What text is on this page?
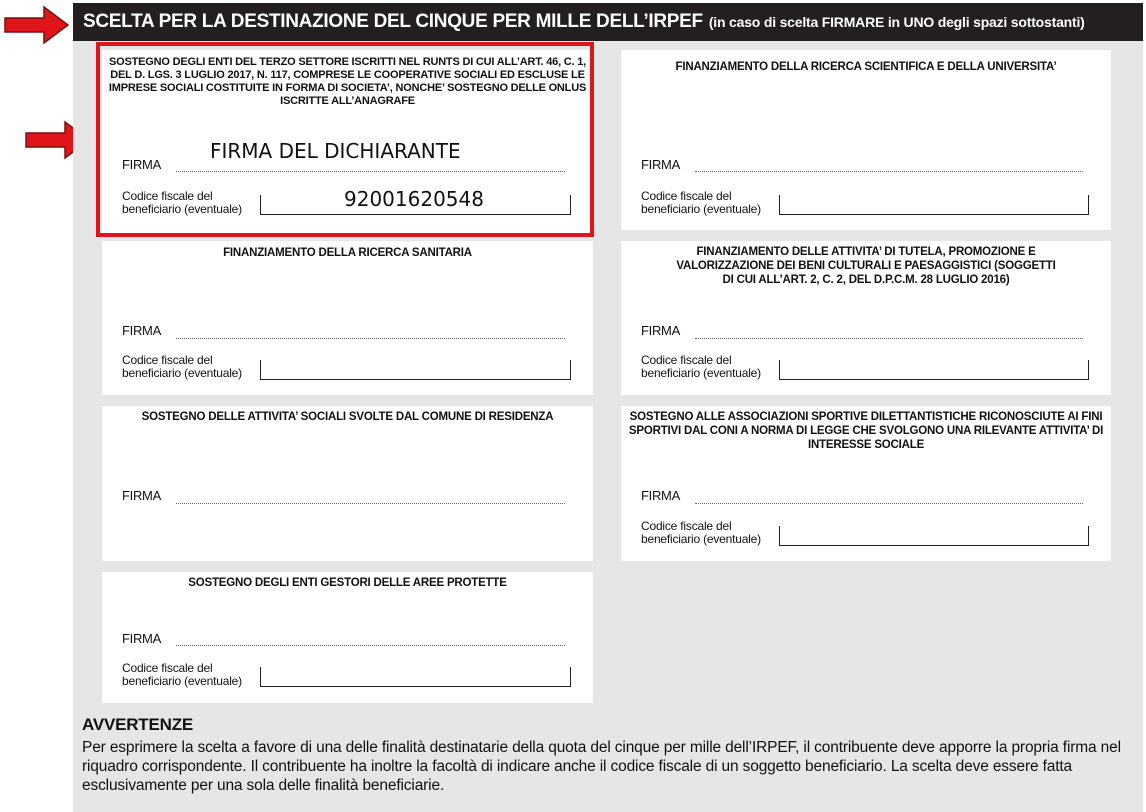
SCELTA PER LA DESTINAZIONE DEL CINQUE PER MILLE DELL’IRPEF (in caso di scelta FIRMARE in UNO degli spazi sottostanti)
SOSTEGNO DEGLI ENTI DEL TERZO SETTORE ISCRITTI NEL RUNTS DI CUI ALL’ART. 46, C. 1, DEL D. LGS. 3 LUGLIO 2017, N. 117, COMPRESE LE COOPERATIVE SOCIALI ED ESCLUSE LE IMPRESE SOCIALI COSTITUITE IN FORMA DI SOCIETA’, NONCHE’ SOSTEGNO DELLE ONLUS ISCRITTE ALL’ANAGRAFE
FIRMA
FIRMA DEL DICHIARANTE
Codice fiscale del
beneficiario (eventuale)	92001620548
FINANZIAMENTO DELLA RICERCA SCIENTIFICA E DELLA UNIVERSITA’
FIRMA
Codice fiscale del
beneficiario (eventuale)
FINANZIAMENTO DELLA RICERCA SANITARIA
FIRMA
Codice fiscale del
beneficiario (eventuale)
FINANZIAMENTO DELLE ATTIVITA’ DI TUTELA, PROMOZIONE E VALORIZZAZIONE DEI BENI CULTURALI E PAESAGGISTICI (SOGGETTI DI CUI ALL’ART. 2, C. 2, DEL D.P.C.M. 28 LUGLIO 2016)
FIRMA
Codice fiscale del
beneficiario (eventuale)
SOSTEGNO DELLE ATTIVITA’ SOCIALI SVOLTE DAL COMUNE DI RESIDENZA
FIRMA
SOSTEGNO ALLE ASSOCIAZIONI SPORTIVE DILETTANTISTICHE RICONOSCIUTE AI FINI SPORTIVI DAL CONI A NORMA DI LEGGE CHE SVOLGONO UNA RILEVANTE ATTIVITA’ DI INTERESSE SOCIALE
FIRMA
Codice fiscale del
beneficiario (eventuale)
SOSTEGNO DEGLI ENTI GESTORI DELLE AREE PROTETTE
FIRMA
Codice fiscale del
beneficiario (eventuale)
AVVERTENZE
Per esprimere la scelta a favore di una delle finalità destinatarie della quota del cinque per mille dell’IRPEF, il contribuente deve apporre la propria firma nel riquadro corrispondente. Il contribuente ha inoltre la facoltà di indicare anche il codice fiscale di un soggetto beneficiario. La scelta deve essere fatta esclusivamente per una sola delle finalità beneficiarie.
